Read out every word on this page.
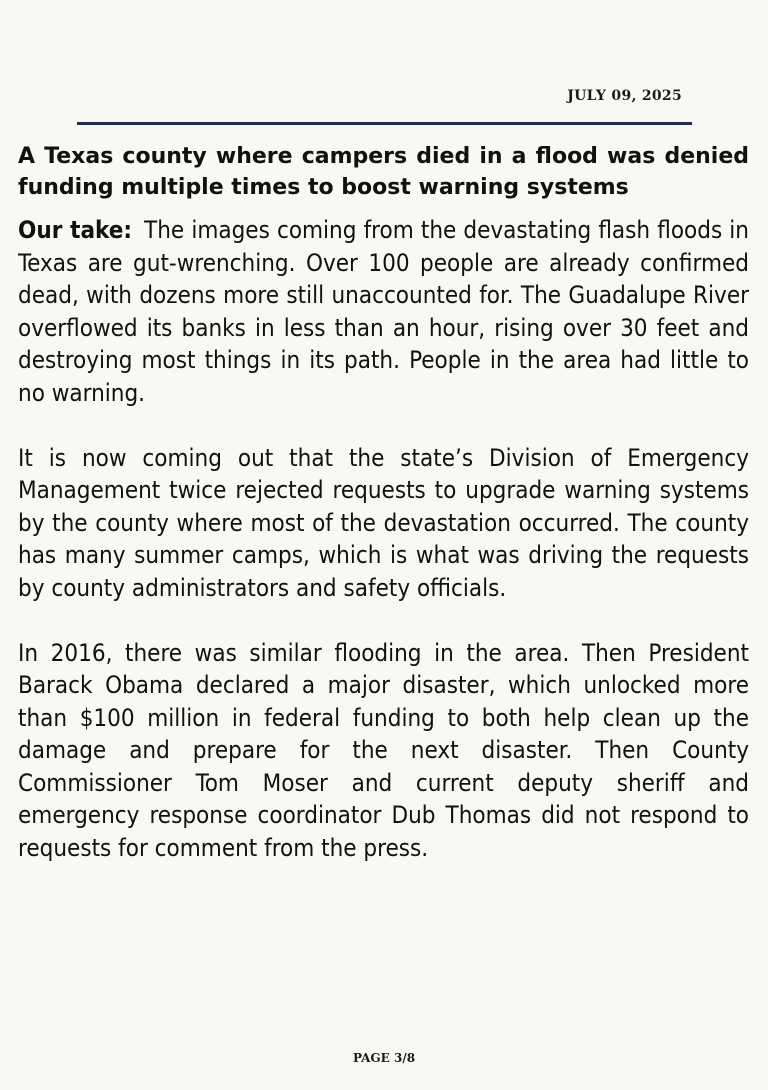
JULY 09, 2025

A Texas county where campers died in a flood was denied funding multiple times to boost warning systems

Our take: The images coming from the devastating flash floods in Texas are gut-wrenching. Over 100 people are already confirmed dead, with dozens more still unaccounted for. The Guadalupe River overflowed its banks in less than an hour, rising over 30 feet and destroying most things in its path. People in the area had little to no warning.

It is now coming out that the state’s Division of Emergency Management twice rejected requests to upgrade warning systems by the county where most of the devastation occurred. The county has many summer camps, which is what was driving the requests by county administrators and safety officials.

In 2016, there was similar flooding in the area. Then President Barack Obama declared a major disaster, which unlocked more than $100 million in federal funding to both help clean up the damage and prepare for the next disaster. Then County Commissioner Tom Moser and current deputy sheriff and emergency response coordinator Dub Thomas did not respond to requests for comment from the press.

PAGE 3/8
